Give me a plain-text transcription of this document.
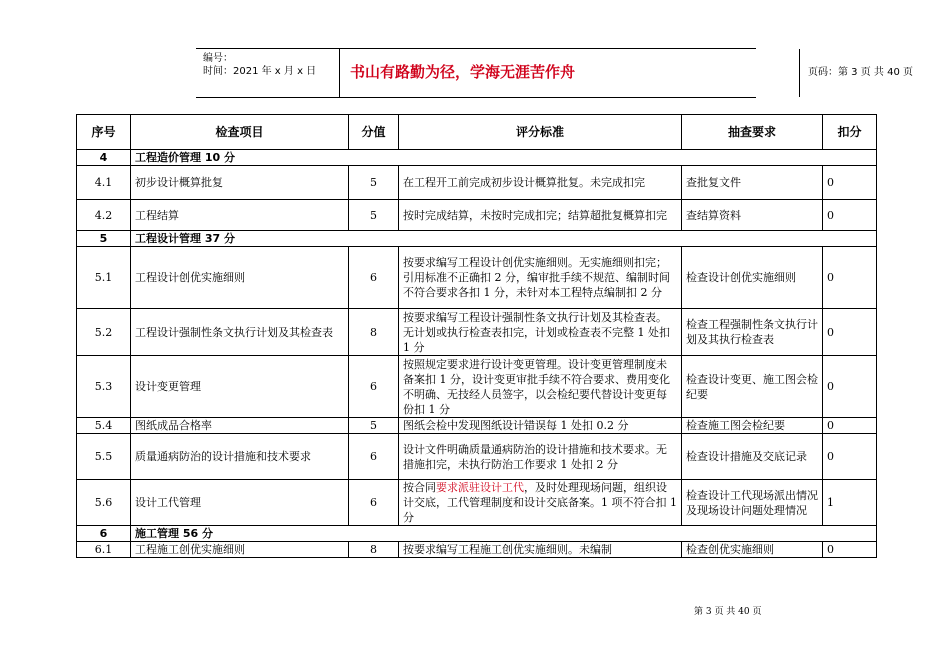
编号：
时间：2021 年 x 月 x 日 书山有路勤为径，学海无涯苦作舟	页码：第 3 页 共 40 页
序号	检查项目	分值	评分标准	抽查要求	扣分
4	工程造价管理 10 分				
4.1	初步设计概算批复	5	在工程开工前完成初步设计概算批复。未完成扣完	查批复文件	0
4.2	工程结算	5	按时完成结算，未按时完成扣完；结算超批复概算扣完	查结算资料	0
5	工程设计管理 37 分				
5.1	工程设计创优实施细则	6	按要求编写工程设计创优实施细则。无实施细则扣完；引用标准不正确扣 2 分，编审批手续不规范、编制时间不符合要求各扣 1 分，未针对本工程特点编制扣 2 分	检查设计创优实施细则	0
5.2	工程设计强制性条文执行计划及其检查表	8	按要求编写工程设计强制性条文执行计划及其检查表。无计划或执行检查表扣完，计划或检查表不完整 1 处扣 1 分	检查工程强制性条文执行计划及其执行检查表	0
5.3	设计变更管理	6	按照规定要求进行设计变更管理。设计变更管理制度未备案扣 1 分，设计变更审批手续不符合要求、费用变化不明确、无技经人员签字，以会检纪要代替设计变更每份扣 1 分	检查设计变更、施工图会检纪要	0
5.4	图纸成品合格率	5	图纸会检中发现图纸设计错误每 1 处扣 0.2 分	检查施工图会检纪要	0
5.5	质量通病防治的设计措施和技术要求	6	设计文件明确质量通病防治的设计措施和技术要求。无措施扣完，未执行防治工作要求 1 处扣 2 分	检查设计措施及交底记录	0
5.6	设计工代管理	6	按合同要求派驻设计工代，及时处理现场问题，组织设计交底，工代管理制度和设计交底备案。1 项不符合扣 1 分	检查设计工代现场派出情况及现场设计问题处理情况	1
6	施工管理 56 分				
6.1	工程施工创优实施细则	8	按要求编写工程施工创优实施细则。未编制	检查创优实施细则	0
第 3 页 共 40 页
